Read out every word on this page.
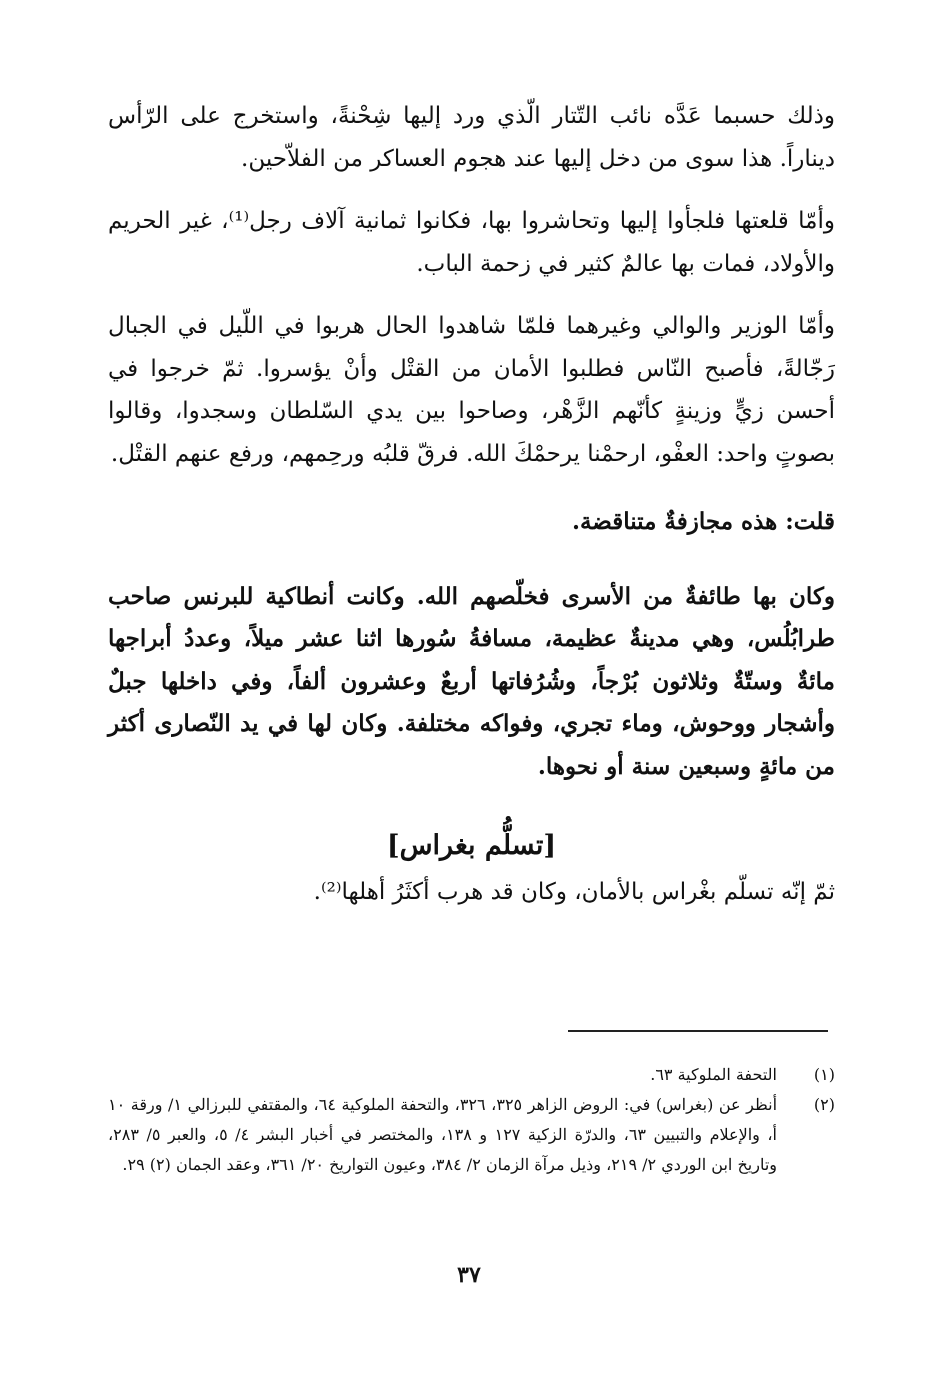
وذلك حسبما عَدَّه نائب التّتار الّذي ورد إليها شِحْنةً، واستخرج على الرّأس ديناراً. هذا سوى من دخل إليها عند هجوم العساكر من الفلاّحين.

وأمّا قلعتها فلجأوا إليها وتحاشروا بها، فكانوا ثمانية آلاف رجل⁽¹⁾، غير الحريم والأولاد، فمات بها عالمٌ كثير في زحمة الباب.

وأمّا الوزير والوالي وغيرهما فلمّا شاهدوا الحال هربوا في اللّيل في الجبال رَجّالةً، فأصبح النّاس فطلبوا الأمان من القتْل وأنْ يؤسروا. ثمّ خرجوا في أحسن زيٍّ وزينةٍ كأنّهم الزَّهْر، وصاحوا بين يدي السّلطان وسجدوا، وقالوا بصوتٍ واحد: العفْو، ارحمْنا يرحمْكَ الله. فرقّ قلبُه ورحِمهم، ورفع عنهم القتْل.

قلت: هذه مجازفةٌ متناقضة.

وكان بها طائفةٌ من الأسرى فخلّصهم الله. وكانت أنطاكية للبرنس صاحب طرابُلُس، وهي مدينةٌ عظيمة، مسافةُ سُورها اثنا عشر ميلاً، وعددُ أبراجها مائةٌ وستّةٌ وثلاثون بُرْجاً، وشُرُفاتها أربعٌ وعشرون ألفاً، وفي داخلها جبلٌ وأشجار ووحوش، وماء تجري، وفواكه مختلفة. وكان لها في يد النّصارى أكثر من مائةٍ وسبعين سنة أو نحوها.

[تسلُّم بغراس]

ثمّ إنّه تسلّم بغْراس بالأمان، وكان قد هرب أكثَرُ أهلها⁽²⁾.

(١)
التحفة الملوكية ٦٣.
(٢)
أنظر عن (بغراس) في: الروض الزاهر ٣٢٥، ٣٢٦، والتحفة الملوكية ٦٤، والمقتفي للبرزالي ١/ ورقة ١٠ أ، والإعلام والتبيين ٦٣، والدرّة الزكية ١٢٧ و ١٣٨، والمختصر في أخبار البشر ٤/ ٥، والعبر ٥/ ٢٨٣، وتاريخ ابن الوردي ٢/ ٢١٩، وذيل مرآة الزمان ٢/ ٣٨٤، وعيون التواريخ ٢٠/ ٣٦١، وعقد الجمان (٢) ٢٩.
٣٧
